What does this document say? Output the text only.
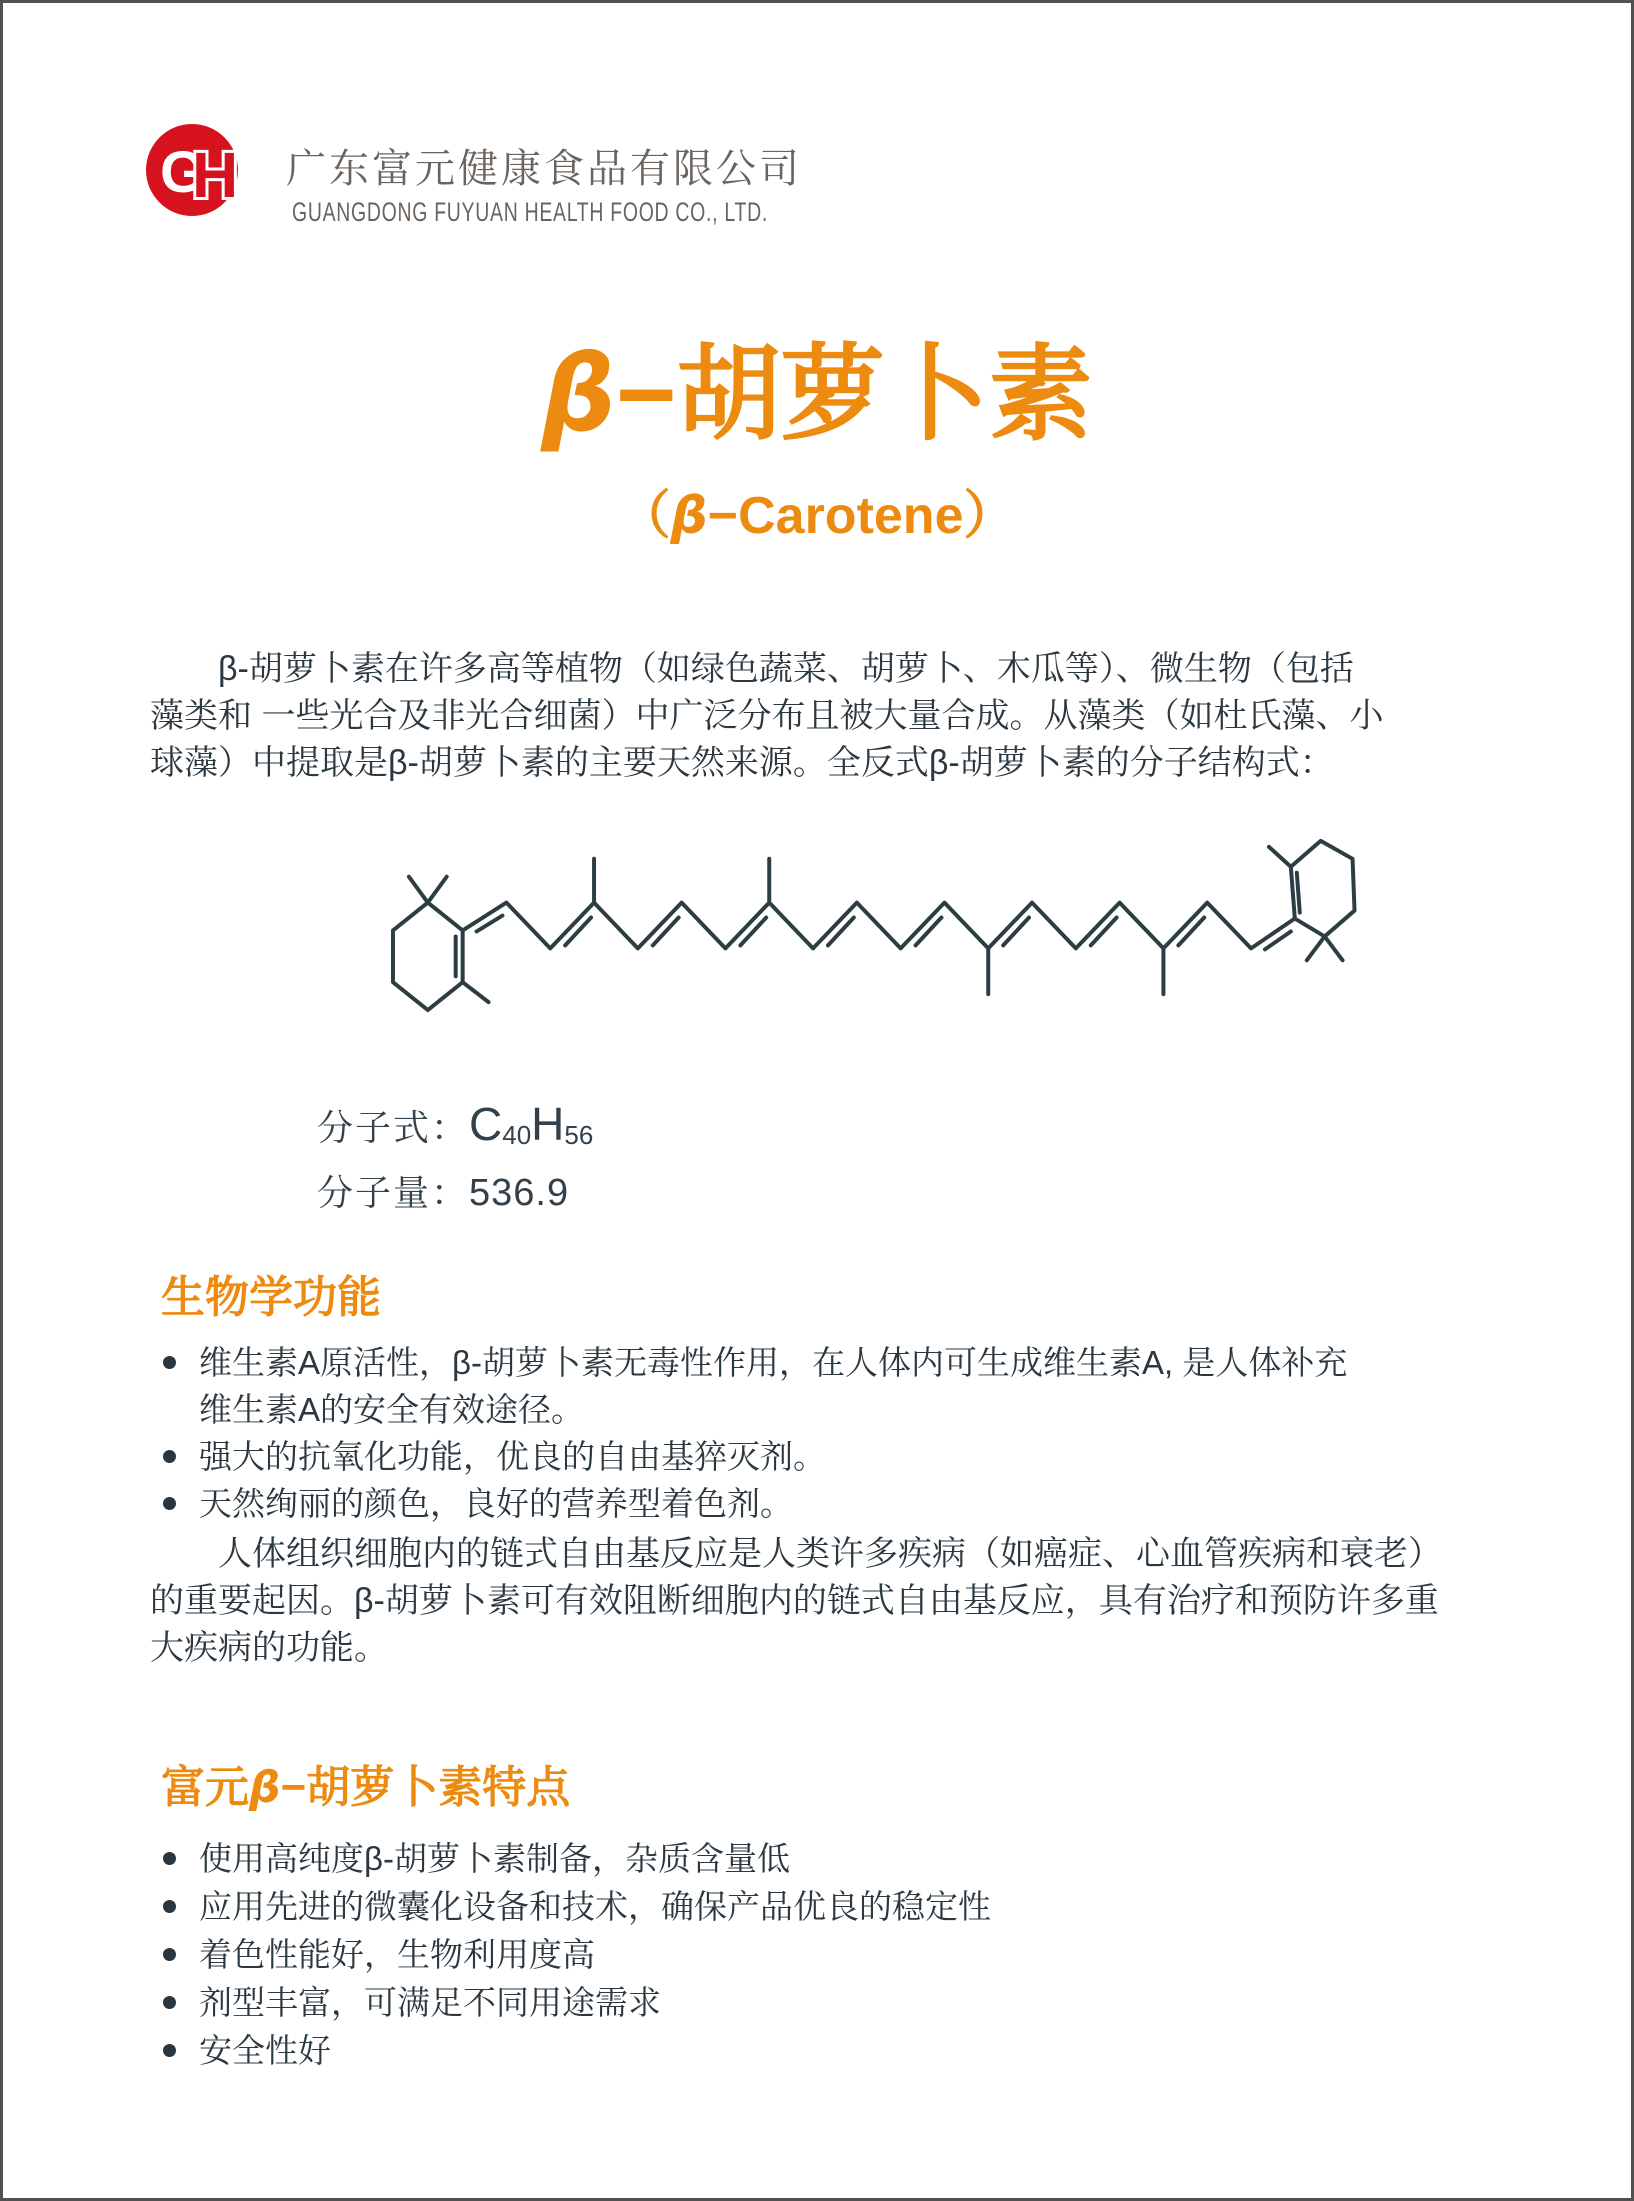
G
H 广东富元健康食品有限公司
GUANGDONG FUYUAN HEALTH FOOD CO., LTD.
β−胡萝卜素
（β−Carotene）
β-胡萝卜素在许多高等植物（如绿色蔬菜、胡萝卜、木瓜等）、微生物（包括
藻类和 一些光合及非光合细菌）中广泛分布且被大量合成。从藻类（如杜氏藻、小
球藻）中提取是β-胡萝卜素的主要天然来源。全反式β-胡萝卜素的分子结构式：
分子式： C 40 H 56
分子量： 536.9
生物学功能
维生素A原活性，β-胡萝卜素无毒性作用，在人体内可生成维生素A, 是人体补充维生素A的安全有效途径。
强大的抗氧化功能，优良的自由基猝灭剂。
天然绚丽的颜色，良好的营养型着色剂。
人体组织细胞内的链式自由基反应是人类许多疾病（如癌症、心血管疾病和衰老）
的重要起因。β-胡萝卜素可有效阻断细胞内的链式自由基反应，具有治疗和预防许多重
大疾病的功能。
富元β−胡萝卜素特点
使用高纯度β-胡萝卜素制备，杂质含量低
应用先进的微囊化设备和技术，确保产品优良的稳定性
着色性能好，生物利用度高
剂型丰富，可满足不同用途需求
安全性好
